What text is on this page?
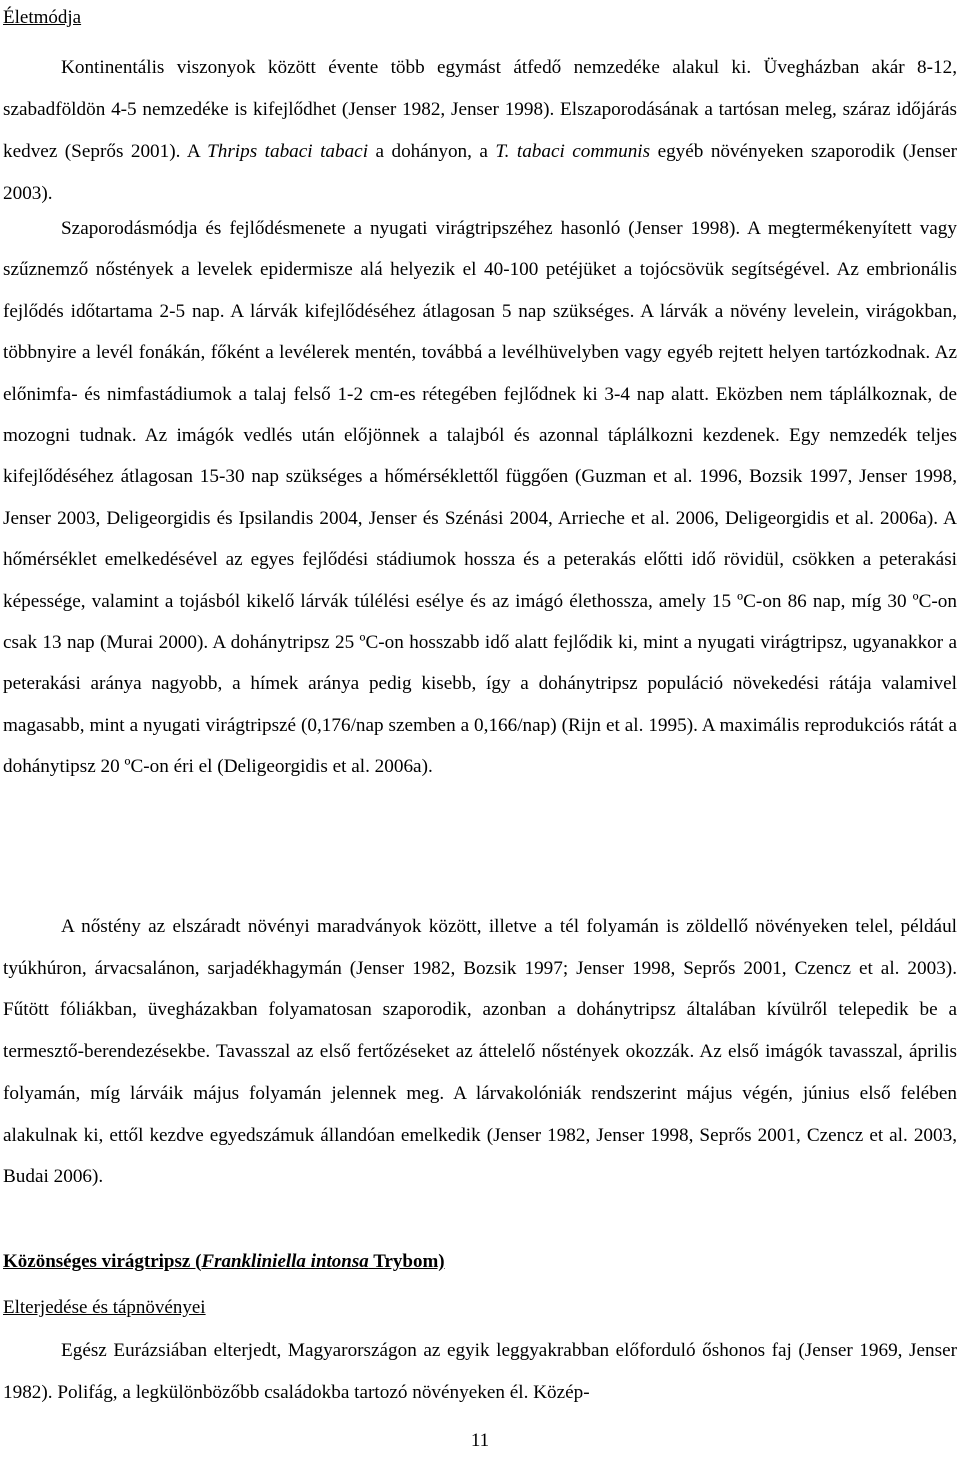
Életmódja

Kontinentális viszonyok között évente több egymást átfedő nemzedéke alakul ki. Üvegházban akár 8-12, szabadföldön 4-5 nemzedéke is kifejlődhet (Jenser 1982, Jenser 1998). Elszaporodásának a tartósan meleg, száraz időjárás kedvez (Seprős 2001). A Thrips tabaci tabaci a dohányon, a T. tabaci communis egyéb növényeken szaporodik (Jenser 2003).

Szaporodásmódja és fejlődésmenete a nyugati virágtripszéhez hasonló (Jenser 1998). A megtermékenyített vagy szűznemző nőstények a levelek epidermisze alá helyezik el 40-100 petéjüket a tojócsövük segítségével. Az embrionális fejlődés időtartama 2-5 nap. A lárvák kifejlődéséhez átlagosan 5 nap szükséges. A lárvák a növény levelein, virágokban, többnyire a levél fonákán, főként a levélerek mentén, továbbá a levélhüvelyben vagy egyéb rejtett helyen tartózkodnak. Az előnimfa- és nimfastádiumok a talaj felső 1-2 cm-es rétegében fejlődnek ki 3-4 nap alatt. Eközben nem táplálkoznak, de mozogni tudnak. Az imágók vedlés után előjönnek a talajból és azonnal táplálkozni kezdenek. Egy nemzedék teljes kifejlődéséhez átlagosan 15-30 nap szükséges a hőmérséklettől függően (Guzman et al. 1996, Bozsik 1997, Jenser 1998, Jenser 2003, Deligeorgidis és Ipsilandis 2004, Jenser és Szénási 2004, Arrieche et al. 2006, Deligeorgidis et al. 2006a). A hőmérséklet emelkedésével az egyes fejlődési stádiumok hossza és a peterakás előtti idő rövidül, csökken a peterakási képessége, valamint a tojásból kikelő lárvák túlélési esélye és az imágó élethossza, amely 15 ºC-on 86 nap, míg 30 ºC-on csak 13 nap (Murai 2000). A dohánytripsz 25 ºC-on hosszabb idő alatt fejlődik ki, mint a nyugati virágtripsz, ugyanakkor a peterakási aránya nagyobb, a hímek aránya pedig kisebb, így a dohánytripsz populáció növekedési rátája valamivel magasabb, mint a nyugati virágtripszé (0,176/nap szemben a 0,166/nap) (Rijn et al. 1995). A maximális reprodukciós rátát a dohánytipsz 20 ºC-on éri el (Deligeorgidis et al. 2006a).

A nőstény az elszáradt növényi maradványok között, illetve a tél folyamán is zöldellő növényeken telel, például tyúkhúron, árvacsalánon, sarjadékhagymán (Jenser 1982, Bozsik 1997; Jenser 1998, Seprős 2001, Czencz et al. 2003). Fűtött fóliákban, üvegházakban folyamatosan szaporodik, azonban a dohánytripsz általában kívülről telepedik be a termesztő-berendezésekbe. Tavasszal az első fertőzéseket az áttelelő nőstények okozzák. Az első imágók tavasszal, április folyamán, míg lárváik május folyamán jelennek meg. A lárvakolóniák rendszerint május végén, június első felében alakulnak ki, ettől kezdve egyedszámuk állandóan emelkedik (Jenser 1982, Jenser 1998, Seprős 2001, Czencz et al. 2003, Budai 2006).

Közönséges virágtripsz (Frankliniella intonsa Trybom)
Elterjedése és tápnövényei

Egész Eurázsiában elterjedt, Magyarországon az egyik leggyakrabban előforduló őshonos faj (Jenser 1969, Jenser 1982). Polifág, a legkülönbözőbb családokba tartozó növényeken él. Közép-

11
